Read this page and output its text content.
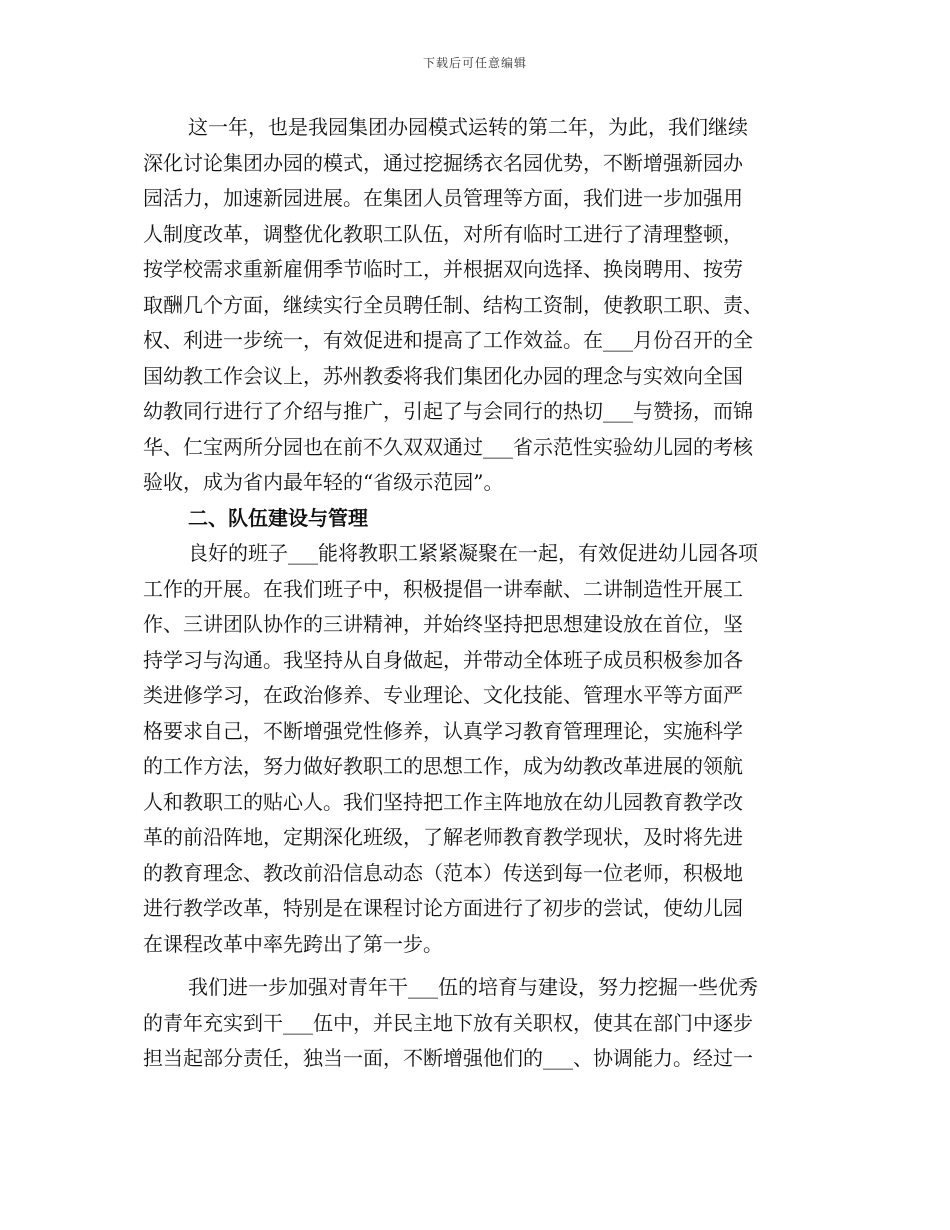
下载后可任意编辑
这一年，也是我园集团办园模式运转的第二年，为此，我们继续
深化讨论集团办园的模式，通过挖掘绣衣名园优势，不断增强新园办
园活力，加速新园进展。在集团人员管理等方面，我们进一步加强用
人制度改革，调整优化教职工队伍，对所有临时工进行了清理整顿，
按学校需求重新雇佣季节临时工，并根据双向选择、换岗聘用、按劳
取酬几个方面，继续实行全员聘任制、结构工资制，使教职工职、责、
权、利进一步统一，有效促进和提高了工作效益。在___月份召开的全
国幼教工作会议上，苏州教委将我们集团化办园的理念与实效向全国
幼教同行进行了介绍与推广，引起了与会同行的热切___与赞扬，而锦
华、仁宝两所分园也在前不久双双通过___省示范性实验幼儿园的考核
验收，成为省内最年轻的“省级示范园”。
二、队伍建设与管理
良好的班子___能将教职工紧紧凝聚在一起，有效促进幼儿园各项
工作的开展。在我们班子中，积极提倡一讲奉献、二讲制造性开展工
作、三讲团队协作的三讲精神，并始终坚持把思想建设放在首位，坚
持学习与沟通。我坚持从自身做起，并带动全体班子成员积极参加各
类进修学习，在政治修养、专业理论、文化技能、管理水平等方面严
格要求自己，不断增强党性修养，认真学习教育管理理论，实施科学
的工作方法，努力做好教职工的思想工作，成为幼教改革进展的领航
人和教职工的贴心人。我们坚持把工作主阵地放在幼儿园教育教学改
革的前沿阵地，定期深化班级，了解老师教育教学现状，及时将先进
的教育理念、教改前沿信息动态（范本）传送到每一位老师，积极地
进行教学改革，特别是在课程讨论方面进行了初步的尝试，使幼儿园
在课程改革中率先跨出了第一步。
我们进一步加强对青年干___伍的培育与建设，努力挖掘一些优秀
的青年充实到干___伍中，并民主地下放有关职权，使其在部门中逐步
担当起部分责任，独当一面，不断增强他们的___、协调能力。经过一
